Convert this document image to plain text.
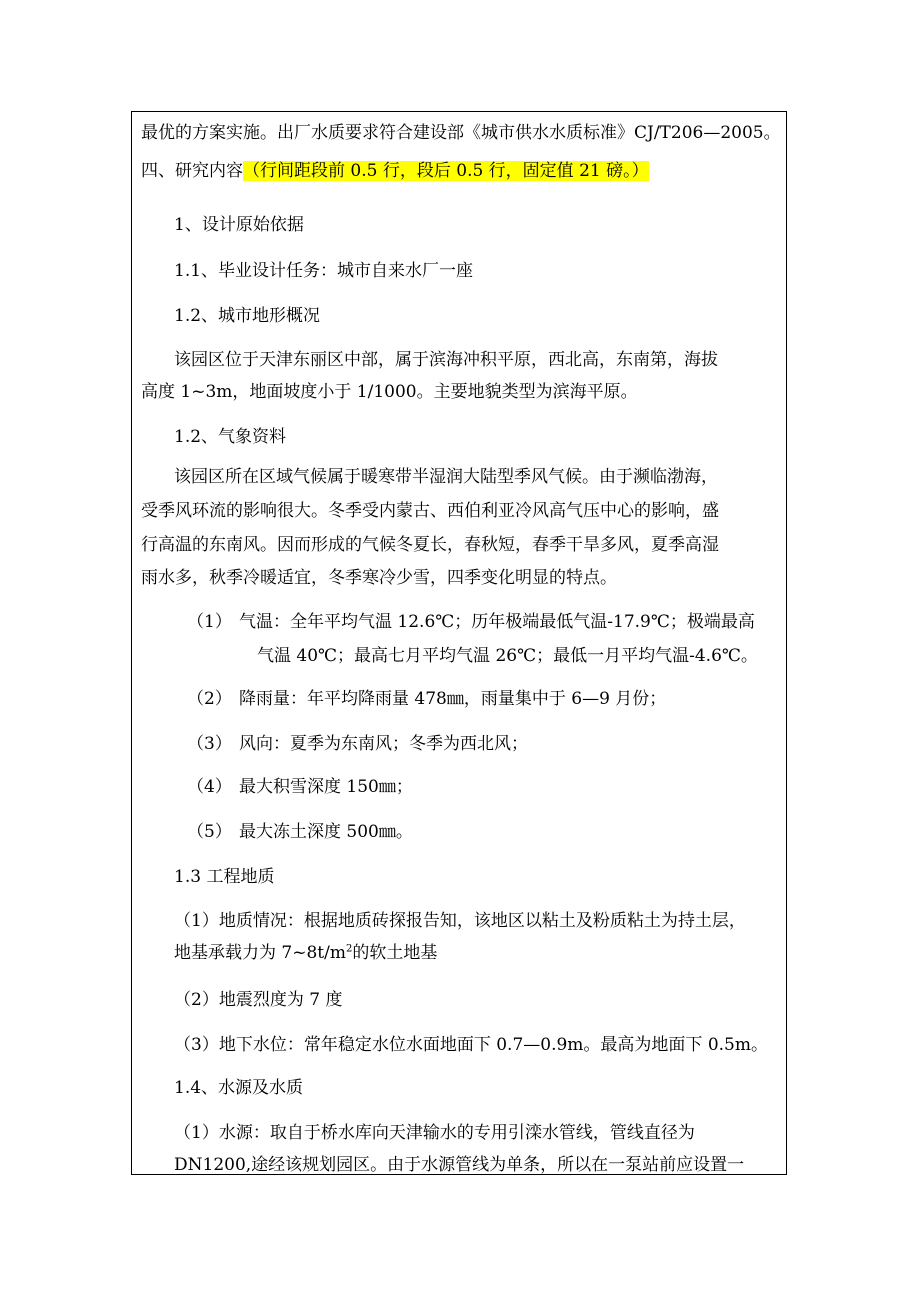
最优的方案实施。出厂水质要求符合建设部《城市供水水质标准》CJ/T206—2005。
四、研究内容（行间距段前 0.5 行，段后 0.5 行，固定值 21 磅。）
1、设计原始依据
1.1、毕业设计任务：城市自来水厂一座
1.2、城市地形概况
该园区位于天津东丽区中部，属于滨海冲积平原，西北高，东南第，海拔
高度 1~3m，地面坡度小于 1/1000。主要地貌类型为滨海平原。
1.2、气象资料
该园区所在区域气候属于暖寒带半湿润大陆型季风气候。由于濒临渤海，
受季风环流的影响很大。冬季受内蒙古、西伯利亚冷风高气压中心的影响，盛
行高温的东南风。因而形成的气候冬夏长，春秋短，春季干旱多风，夏季高湿
雨水多，秋季冷暖适宜，冬季寒冷少雪，四季变化明显的特点。
（1） 气温：全年平均气温 12.6℃；历年极端最低气温-17.9℃；极端最高
气温 40℃；最高七月平均气温 26℃；最低一月平均气温-4.6℃。
（2） 降雨量：年平均降雨量 478㎜，雨量集中于 6—9 月份；
（3） 风向：夏季为东南风；冬季为西北风；
（4） 最大积雪深度 150㎜；
（5） 最大冻土深度 500㎜。
1.3 工程地质
（1）地质情况：根据地质砖探报告知，该地区以粘土及粉质粘土为持土层，
地基承载力为 $7\sim 8t/m^2$的软土地基
（2）地震烈度为 7 度
（3）地下水位：常年稳定水位水面地面下 0.7—0.9m。最高为地面下 0.5m。
1.4、水源及水质
（1）水源：取自于桥水库向天津输水的专用引滦水管线，管线直径为
DN1200,途经该规划园区。由于水源管线为单条，所以在一泵站前应设置一
